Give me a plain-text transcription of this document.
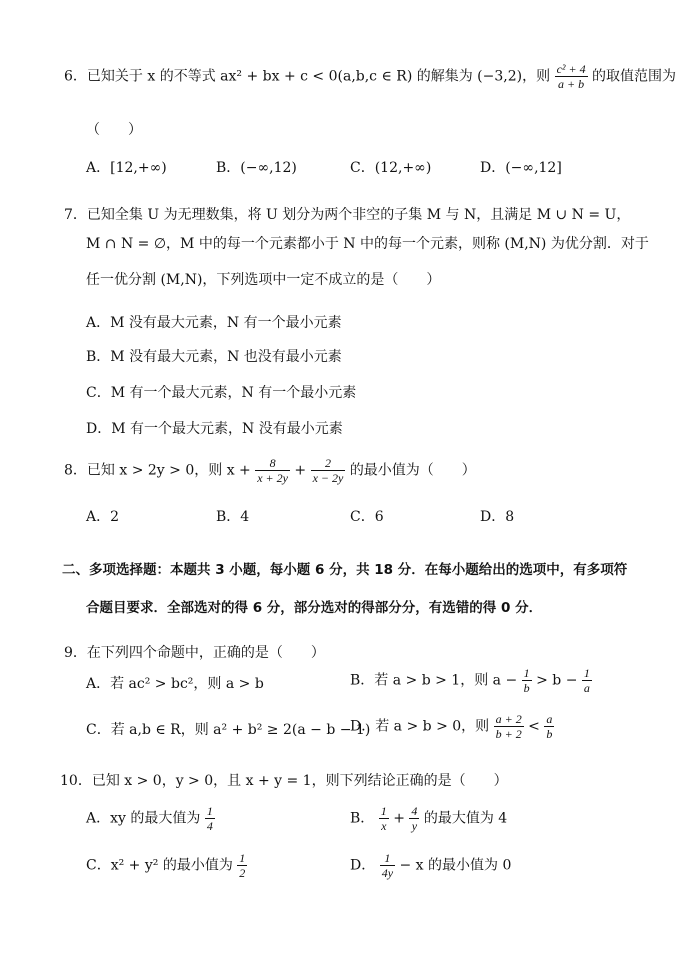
6．已知关于 x 的不等式 ax² + bx + c < 0(a,b,c ∈ R) 的解集为 (−3,2)，则 $\frac{\text{c² + 4}}{a + b}$ 的取值范围为
（　　）
A．[12,+∞)	B．(−∞,12)	C．(12,+∞)	D．(−∞,12]
7．已知全集 U 为无理数集，将 U 划分为两个非空的子集 M 与 N，且满足 M ∪ N = U，
M ∩ N = ∅，M 中的每一个元素都小于 N 中的每一个元素，则称 (M,N) 为优分割．对于
任一优分割 (M,N)，下列选项中一定不成立的是（　　）
A．M 没有最大元素，N 有一个最小元素
B．M 没有最大元素，N 也没有最小元素
C．M 有一个最大元素，N 有一个最小元素
D．M 有一个最大元素，N 没有最小元素
8．已知 x > 2y > 0，则 $x + \frac{8}{x + 2y} + \frac{2}{x - 2y}$ 的最小值为（　　）
A．2	B．4	C．6	D．8
二、多项选择题：本题共 3 小题，每小题 6 分，共 18 分．在每小题给出的选项中，有多项符
合题目要求．全部选对的得 6 分，部分选对的得部分分，有选错的得 0 分．
9．在下列四个命题中，正确的是（　　）
A．若 ac² > bc²，则 a > b	B．若 a > b > 1，则 $a - \frac{1}{b} > b - \frac{1}{a}$
C．若 a,b ∈ R，则 a² + b² ≥ 2(a − b − 1)
D．若 a > b > 0，则 $\frac{a + 2}{b + 2} < \frac{a}{b}$
10．已知 x > 0，y > 0，且 x + y = 1，则下列结论正确的是（　　）
A．xy 的最大值为 $\frac{1}{4}$	B． $\frac{1}{x} + \frac{4}{y}$ 的最大值为 4
C．x² + y² 的最小值为 $\frac{1}{2}$	D． $\frac{1}{4y} - x$ 的最小值为 0
